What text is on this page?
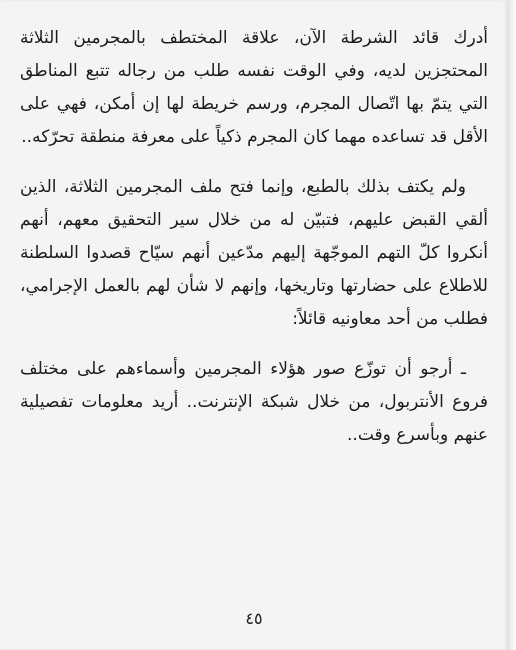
أدرك قائد الشرطة الآن، علاقة المختطف بالمجرمين الثلاثة المحتجزين لديه، وفي الوقت نفسه طلب من رجاله تتبع المناطق التي يتمّ بها اتّصال المجرم، ورسم خريطة لها إن أمكن، فهي على الأقل قد تساعده مهما كان المجرم ذكياً على معرفة منطقة تحرّكه..

ولم يكتف بذلك بالطبع، وإنما فتح ملف المجرمين الثلاثة، الذين ألقي القبض عليهم، فتبيّن له من خلال سير التحقيق معهم، أنهم أنكروا كلّ التهم الموجّهة إليهم مدّعين أنهم سيّاح قصدوا السلطنة للاطلاع على حضارتها وتاريخها، وإنهم لا شأن لهم بالعمل الإجرامي، فطلب من أحد معاونيه قائلاً:

ـ أرجو أن توزّع صور هؤلاء المجرمين وأسماءهم على مختلف فروع الأنتربول، من خلال شبكة الإنترنت.. أريد معلومات تفصيلية عنهم وبأسرع وقت..

٤٥
